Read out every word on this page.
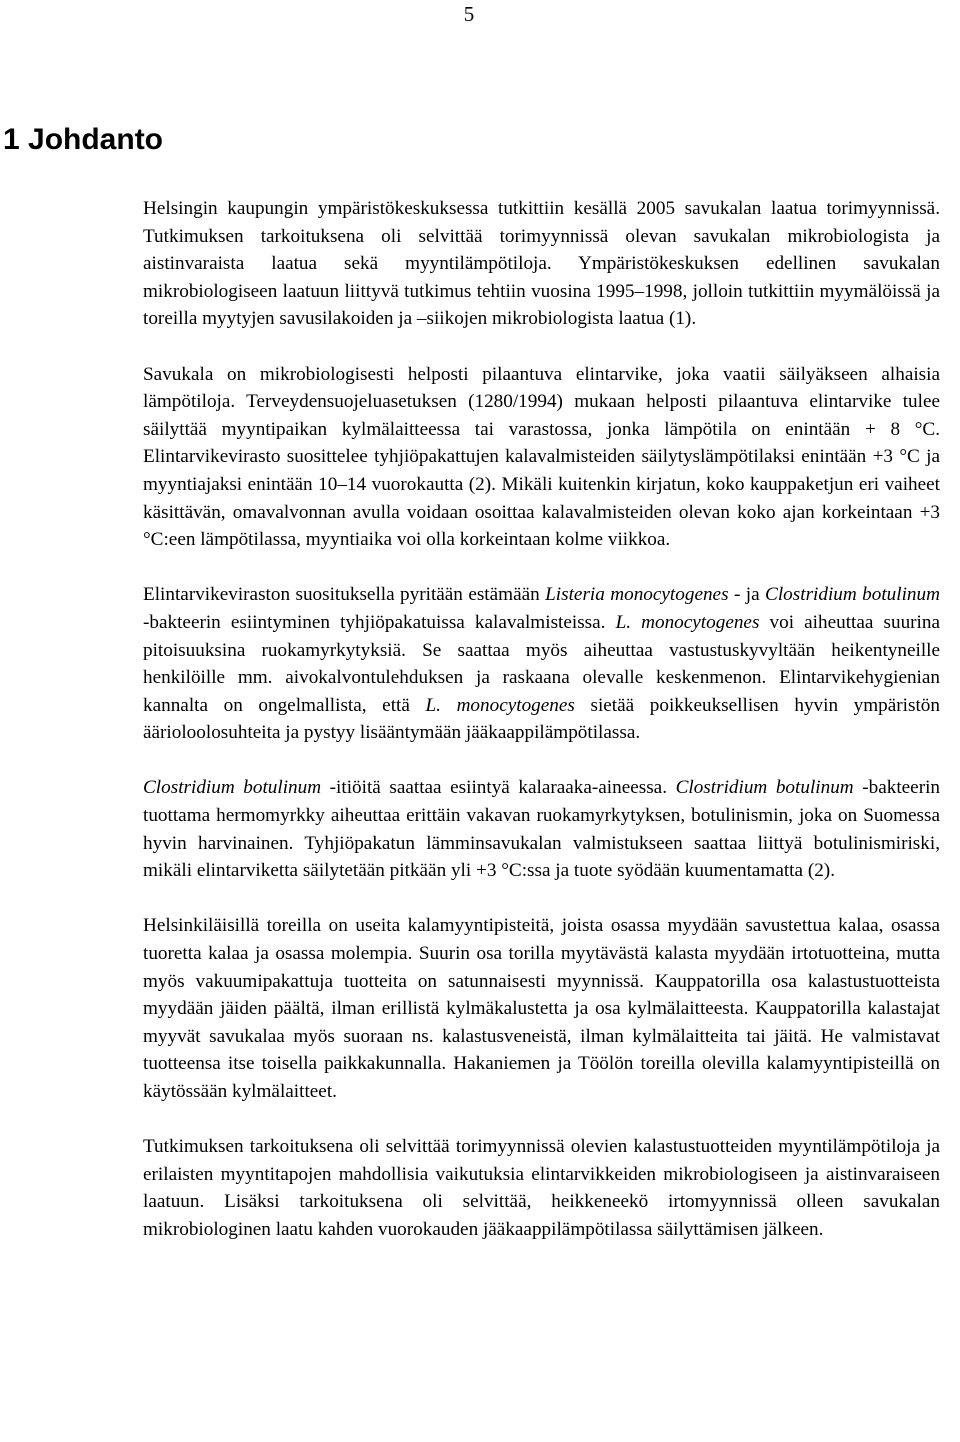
5
1 Johdanto

Helsingin kaupungin ympäristökeskuksessa tutkittiin kesällä 2005 savukalan laatua torimyynnissä. Tutkimuksen tarkoituksena oli selvittää torimyynnissä olevan savukalan mikrobiologista ja aistinvaraista laatua sekä myyntilämpötiloja. Ympäristökeskuksen edellinen savukalan mikrobiologiseen laatuun liittyvä tutkimus tehtiin vuosina 1995–1998, jolloin tutkittiin myymälöissä ja toreilla myytyjen savusilakoiden ja –siikojen mikrobiologista laatua (1).

Savukala on mikrobiologisesti helposti pilaantuva elintarvike, joka vaatii säilyäkseen alhaisia lämpötiloja. Terveydensuojeluasetuksen (1280/1994) mukaan helposti pilaantuva elintarvike tulee säilyttää myyntipaikan kylmälaitteessa tai varastossa, jonka lämpötila on enintään + 8 °C. Elintarvikevirasto suosittelee tyhjiöpakattujen kalavalmisteiden säilytyslämpötilaksi enintään +3 °C ja myyntiajaksi enintään 10–14 vuorokautta (2). Mikäli kuitenkin kirjatun, koko kauppaketjun eri vaiheet käsittävän, omavalvonnan avulla voidaan osoittaa kalavalmisteiden olevan koko ajan korkeintaan +3 °C:een lämpötilassa, myyntiaika voi olla korkeintaan kolme viikkoa.

Elintarvikeviraston suosituksella pyritään estämään Listeria monocytogenes - ja Clostridium botulinum -bakteerin esiintyminen tyhjiöpakatuissa kalavalmisteissa. L. monocytogenes voi aiheuttaa suurina pitoisuuksina ruokamyrkytyksiä. Se saattaa myös aiheuttaa vastustuskyvyltään heikentyneille henkilöille mm. aivokalvontulehduksen ja raskaana olevalle keskenmenon. Elintarvikehygienian kannalta on ongelmallista, että L. monocytogenes sietää poikkeuksellisen hyvin ympäristön äärioloolosuhteita ja pystyy lisääntymään jääkaappilämpötilassa.

Clostridium botulinum -itiöitä saattaa esiintyä kalaraaka-aineessa. Clostridium botulinum -bakteerin tuottama hermomyrkky aiheuttaa erittäin vakavan ruokamyrkytyksen, botulinismin, joka on Suomessa hyvin harvinainen. Tyhjiöpakatun lämminsavukalan valmistukseen saattaa liittyä botulinismiriski, mikäli elintarviketta säilytetään pitkään yli +3 °C:ssa ja tuote syödään kuumentamatta (2).

Helsinkiläisillä toreilla on useita kalamyyntipisteitä, joista osassa myydään savustettua kalaa, osassa tuoretta kalaa ja osassa molempia. Suurin osa torilla myytävästä kalasta myydään irtotuotteina, mutta myös vakuumipakattuja tuotteita on satunnaisesti myynnissä. Kauppatorilla osa kalastustuotteista myydään jäiden päältä, ilman erillistä kylmäkalustetta ja osa kylmälaitteesta. Kauppatorilla kalastajat myyvät savukalaa myös suoraan ns. kalastusveneistä, ilman kylmälaitteita tai jäitä. He valmistavat tuotteensa itse toisella paikkakunnalla. Hakaniemen ja Töölön toreilla olevilla kalamyyntipisteillä on käytössään kylmälaitteet.

Tutkimuksen tarkoituksena oli selvittää torimyynnissä olevien kalastustuotteiden myyntilämpötiloja ja erilaisten myyntitapojen mahdollisia vaikutuksia elintarvikkeiden mikrobiologiseen ja aistinvaraiseen laatuun. Lisäksi tarkoituksena oli selvittää, heikkeneekö irtomyynnissä olleen savukalan mikrobiologinen laatu kahden vuorokauden jääkaappilämpötilassa säilyttämisen jälkeen.
